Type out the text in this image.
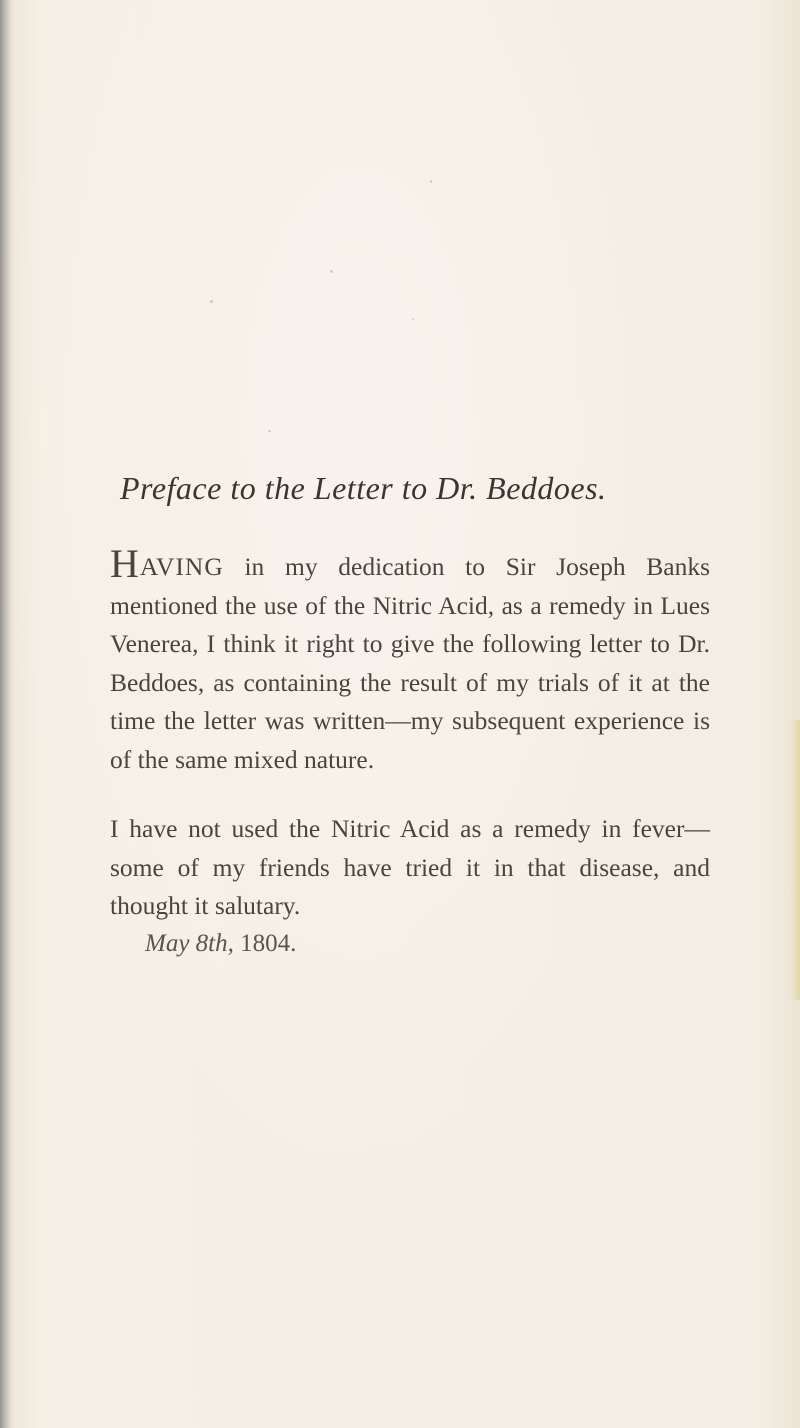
Preface to the Letter to Dr. Beddoes.

HAVING in my dedication to Sir Joseph Banks mentioned the use of the Nitric Acid, as a remedy in Lues Venerea, I think it right to give the following letter to Dr. Beddoes, as containing the result of my trials of it at the time the letter was written—my subsequent experience is of the same mixed nature.

I have not used the Nitric Acid as a remedy in fever—some of my friends have tried it in that disease, and thought it salutary.

May 8th, 1804.
